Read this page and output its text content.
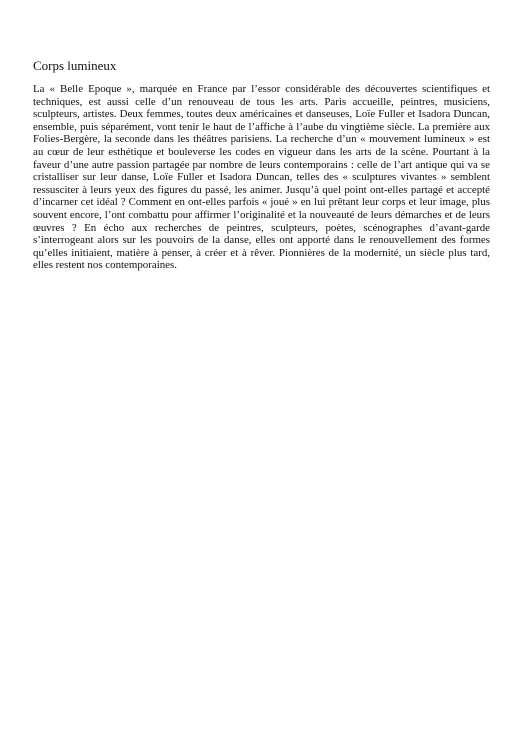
Corps lumineux

La « Belle Epoque », marquée en France par l’essor considérable des découvertes scientifiques et techniques, est aussi celle d’un renouveau de tous les arts. Paris accueille, peintres, musiciens, sculpteurs, artistes. Deux femmes, toutes deux américaines et danseuses, Loïe Fuller et Isadora Duncan, ensemble, puis séparément, vont tenir le haut de l’affiche à l’aube du vingtième siècle. La première aux Folies-Bergère, la seconde dans les théâtres parisiens. La recherche d’un « mouvement lumineux » est au cœur de leur esthétique et bouleverse les codes en vigueur dans les arts de la scène. Pourtant à la faveur d’une autre passion partagée par nombre de leurs contemporains : celle de l’art antique qui va se cristalliser sur leur danse, Loïe Fuller et Isadora Duncan, telles des « sculptures vivantes » semblent ressusciter à leurs yeux des figures du passé, les animer. Jusqu’à quel point ont-elles partagé et accepté d’incarner cet idéal ? Comment en ont-elles parfois « joué » en lui prêtant leur corps et leur image, plus souvent encore, l’ont combattu pour affirmer l’originalité et la nouveauté de leurs démarches et de leurs œuvres ? En écho aux recherches de peintres, sculpteurs, poètes, scénographes d’avant-garde s’interrogeant alors sur les pouvoirs de la danse, elles ont apporté dans le renouvellement des formes qu’elles initiaient, matière à penser, à créer et à rêver. Pionnières de la modernité, un siècle plus tard, elles restent nos contemporaines.
